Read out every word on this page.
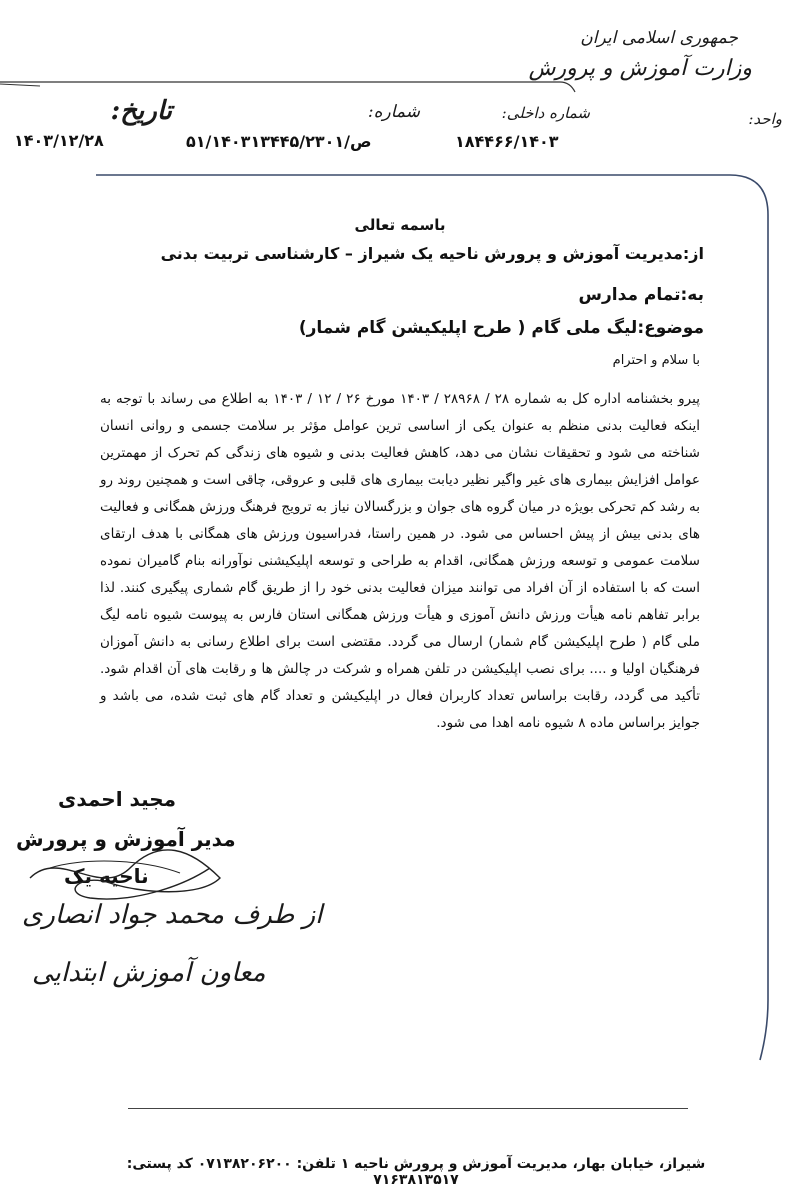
جمهوری اسلامی ایران
وزارت آموزش و پرورش
واحد:
شماره داخلی:
شماره:
تاریخ:
۱۸۴۴۶۶/۱۴۰۳
۵۱/۱۴۰۳۱۳۴۴۵/۲۳۰۱/ص
۱۴۰۳/۱۲/۲۸
باسمه تعالی
از:مدیریت آموزش و پرورش ناحیه یک شیراز – کارشناسی تربیت بدنی
به:تمام مدارس
موضوع:لیگ ملی گام ( طرح اپلیکیشن گام شمار)
با سلام و احترام
پیرو بخشنامه اداره کل به شماره ۲۸ / ۲۸۹۶۸ / ۱۴۰۳ مورخ ۲۶ / ۱۲ / ۱۴۰۳ به اطلاع می رساند با توجه به اینکه فعالیت بدنی منظم به عنوان یکی از اساسی ترین عوامل مؤثر بر سلامت جسمی و روانی انسان شناخته می شود و تحقیقات نشان می دهد، کاهش فعالیت بدنی و شیوه های زندگی کم تحرک از مهمترین عوامل افزایش بیماری های غیر واگیر نظیر دیابت بیماری های قلبی و عروقی، چاقی است و همچنین روند رو به رشد کم تحرکی بویژه در میان گروه های جوان و بزرگسالان نیاز به ترویج فرهنگ ورزش همگانی و فعالیت های بدنی بیش از پیش احساس می شود. در همین راستا، فدراسیون ورزش های همگانی با هدف ارتقای سلامت عمومی و توسعه ورزش همگانی، اقدام به طراحی و توسعه اپلیکیشنی نوآورانه بنام گامیران نموده است که با استفاده از آن افراد می توانند میزان فعالیت بدنی خود را از طریق گام شماری پیگیری کنند. لذا برابر تفاهم نامه هیأت ورزش دانش آموزی و هیأت ورزش همگانی استان فارس به پیوست شیوه نامه لیگ ملی گام ( طرح اپلیکیشن گام شمار) ارسال می گردد. مقتضی است برای اطلاع رسانی به دانش آموزان فرهنگیان اولیا و .... برای نصب اپلیکیشن در تلفن همراه و شرکت در چالش ها و رقابت های آن اقدام شود. تأکید می گردد، رقابت براساس تعداد کاربران فعال در اپلیکیشن و تعداد گام های ثبت شده، می باشد و جوایز براساس ماده ۸ شیوه نامه اهدا می شود.
مجید احمدی
مدیر آموزش و پرورش
ناحیه یک
از طرف محمد جواد انصاری
معاون آموزش ابتدایی
شیراز، خیابان بهار، مدیریت آموزش و پرورش ناحیه ۱ تلفن: ۰۷۱۳۸۲۰۶۲۰۰ کد پستی: ۷۱۶۳۸۱۳۵۱۷
